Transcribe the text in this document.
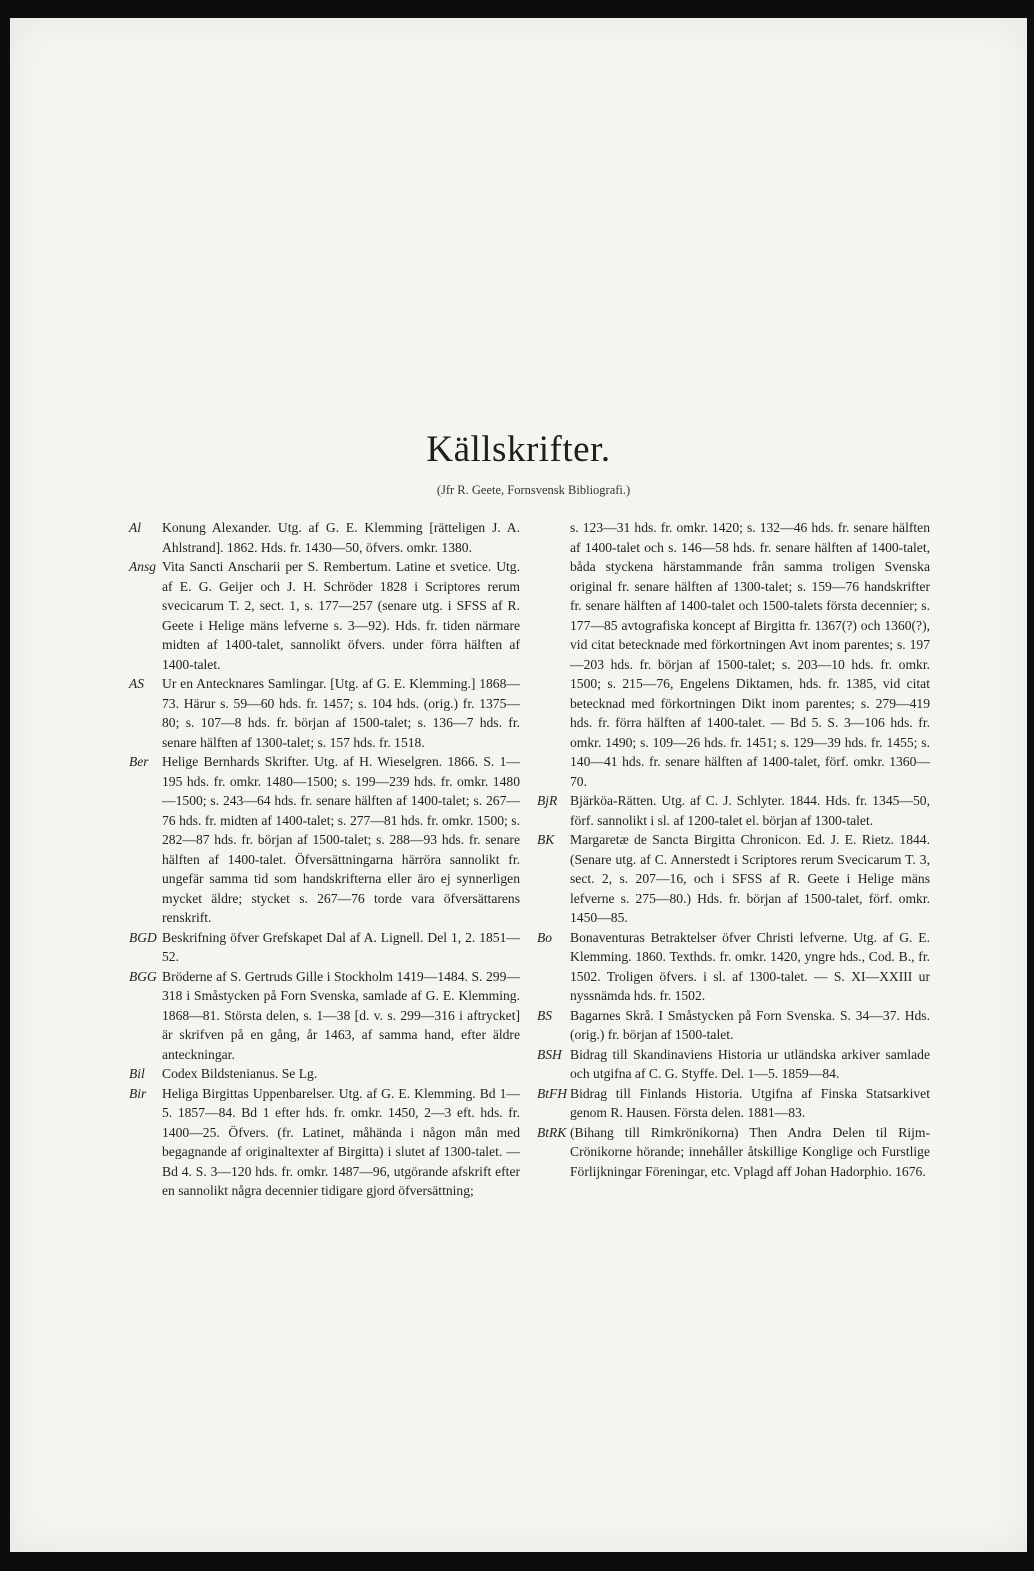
Källskrifter.
(Jfr R. Geete, Fornsvensk Bibliografi.)
Al Konung Alexander. Utg. af G. E. Klemming [rätteligen J. A. Ahlstrand]. 1862. Hds. fr. 1430—50, öfvers. omkr. 1380.
Ansg Vita Sancti Anscharii per S. Rembertum. Latine et svetice. Utg. af E. G. Geijer och J. H. Schröder 1828 i Scriptores rerum svecicarum T. 2, sect. 1, s. 177—257 (senare utg. i SFSS af R. Geete i Helige mäns lefverne s. 3—92). Hds. fr. tiden närmare midten af 1400-talet, sannolikt öfvers. under förra hälften af 1400-talet.
AS Ur en Antecknares Samlingar. [Utg. af G. E. Klemming.] 1868—73. Härur s. 59—60 hds. fr. 1457; s. 104 hds. (orig.) fr. 1375—80; s. 107—8 hds. fr. början af 1500-talet; s. 136—7 hds. fr. senare hälften af 1300-talet; s. 157 hds. fr. 1518.
Ber Helige Bernhards Skrifter. Utg. af H. Wieselgren. 1866. S. 1—195 hds. fr. omkr. 1480—1500; s. 199—239 hds. fr. omkr. 1480—1500; s. 243—64 hds. fr. senare hälften af 1400-talet; s. 267—76 hds. fr. midten af 1400-talet; s. 277—81 hds. fr. omkr. 1500; s. 282—87 hds. fr. början af 1500-talet; s. 288—93 hds. fr. senare hälften af 1400-talet. Öfversättningarna härröra sannolikt fr. ungefär samma tid som handskrifterna eller äro ej synnerligen mycket äldre; stycket s. 267—76 torde vara öfversättarens renskrift.
BGD Beskrifning öfver Grefskapet Dal af A. Lignell. Del 1, 2. 1851—52.
BGG Bröderne af S. Gertruds Gille i Stockholm 1419—1484. S. 299—318 i Småstycken på Forn Svenska, samlade af G. E. Klemming. 1868—81. Största delen, s. 1—38 [d. v. s. 299—316 i aftrycket] är skrifven på en gång, år 1463, af samma hand, efter äldre anteckningar.
Bil Codex Bildstenianus. Se Lg.
Bir Heliga Birgittas Uppenbarelser. Utg. af G. E. Klemming. Bd 1—5. 1857—84. Bd 1 efter hds. fr. omkr. 1450, 2—3 eft. hds. fr. 1400—25. Öfvers. (fr. Latinet, måhända i någon mån med begagnande af originaltexter af Birgitta) i slutet af 1300-talet. — Bd 4. S. 3—120 hds. fr. omkr. 1487—96, utgörande afskrift efter en sannolikt några decennier tidigare gjord öfversättning;
s. 123—31 hds. fr. omkr. 1420; s. 132—46 hds. fr. senare hälften af 1400-talet och s. 146—58 hds. fr. senare hälften af 1400-talet, båda styckena härstammande från samma troligen Svenska original fr. senare hälften af 1300-talet; s. 159—76 handskrifter fr. senare hälften af 1400-talet och 1500-talets första decennier; s. 177—85 avtografiska koncept af Birgitta fr. 1367(?) och 1360(?), vid citat betecknade med förkortningen Avt inom parentes; s. 197—203 hds. fr. början af 1500-talet; s. 203—10 hds. fr. omkr. 1500; s. 215—76, Engelens Diktamen, hds. fr. 1385, vid citat betecknad med förkortningen Dikt inom parentes; s. 279—419 hds. fr. förra hälften af 1400-talet. — Bd 5. S. 3—106 hds. fr. omkr. 1490; s. 109—26 hds. fr. 1451; s. 129—39 hds. fr. 1455; s. 140—41 hds. fr. senare hälften af 1400-talet, förf. omkr. 1360—70.
BjR Bjärköa-Rätten. Utg. af C. J. Schlyter. 1844. Hds. fr. 1345—50, förf. sannolikt i sl. af 1200-talet el. början af 1300-talet.
BK Margaretæ de Sancta Birgitta Chronicon. Ed. J. E. Rietz. 1844. (Senare utg. af C. Annerstedt i Scriptores rerum Svecicarum T. 3, sect. 2, s. 207—16, och i SFSS af R. Geete i Helige mäns lefverne s. 275—80.) Hds. fr. början af 1500-talet, förf. omkr. 1450—85.
Bo Bonaventuras Betraktelser öfver Christi lefverne. Utg. af G. E. Klemming. 1860. Texthds. fr. omkr. 1420, yngre hds., Cod. B., fr. 1502. Troligen öfvers. i sl. af 1300-talet. — S. XI—XXIII ur nyssnämda hds. fr. 1502.
BS Bagarnes Skrå. I Småstycken på Forn Svenska. S. 34—37. Hds. (orig.) fr. början af 1500-talet.
BSH Bidrag till Skandinaviens Historia ur utländska arkiver samlade och utgifna af C. G. Styffe. Del. 1—5. 1859—84.
BtFH Bidrag till Finlands Historia. Utgifna af Finska Statsarkivet genom R. Hausen. Första delen. 1881—83.
BtRK (Bihang till Rimkrönikorna) Then Andra Delen til Rijm-Crönikorne hörande; innehåller åtskillige Konglige och Furstlige Förlijkningar Föreningar, etc. Vplagd aff Johan Hadorphio. 1676.
